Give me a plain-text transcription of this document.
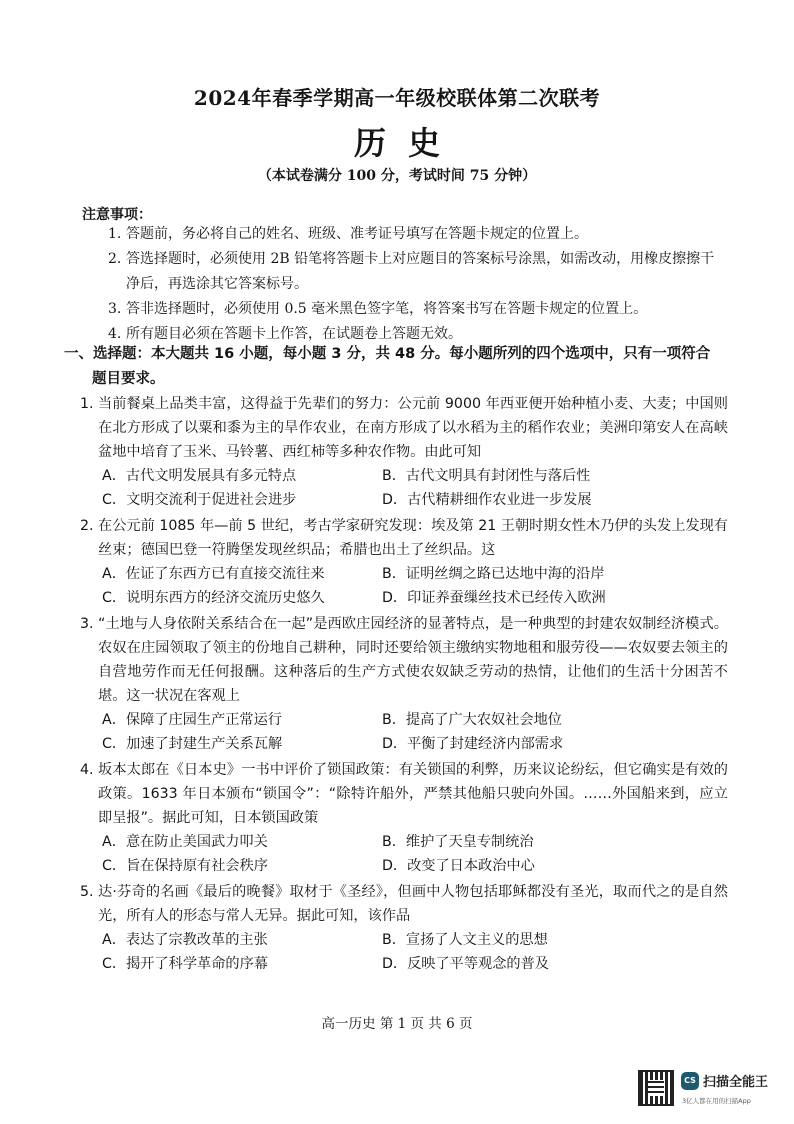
2024年春季学期高一年级校联体第二次联考
历史
（本试卷满分 100 分，考试时间 75 分钟）
注意事项：
1. 答题前，务必将自己的姓名、班级、准考证号填写在答题卡规定的位置上。
2. 答选择题时，必须使用 2B 铅笔将答题卡上对应题目的答案标号涂黑，如需改动，用橡皮擦擦干净后，再选涂其它答案标号。
3. 答非选择题时，必须使用 0.5 毫米黑色签字笔，将答案书写在答题卡规定的位置上。
4. 所有题目必须在答题卡上作答，在试题卷上答题无效。
一、选择题：本大题共 16 小题，每小题 3 分，共 48 分。每小题所列的四个选项中，只有一项符合
题目要求。
1. 当前餐桌上品类丰富，这得益于先辈们的努力：公元前 9000 年西亚便开始种植小麦、大麦；中国则在北方形成了以粟和黍为主的旱作农业，在南方形成了以水稻为主的稻作农业；美洲印第安人在高峡盆地中培育了玉米、马铃薯、西红柿等多种农作物。由此可知
A．古代文明发展具有多元特点	B．古代文明具有封闭性与落后性
C．文明交流利于促进社会进步	D．古代精耕细作农业进一步发展
2. 在公元前 1085 年—前 5 世纪，考古学家研究发现：埃及第 21 王朝时期女性木乃伊的头发上发现有丝束；德国巴登一符腾堡发现丝织品；希腊也出土了丝织品。这
A．佐证了东西方已有直接交流往来	B．证明丝绸之路已达地中海的沿岸
C．说明东西方的经济交流历史悠久	D．印证养蚕缫丝技术已经传入欧洲
3. “土地与人身依附关系结合在一起”是西欧庄园经济的显著特点，是一种典型的封建农奴制经济模式。农奴在庄园领取了领主的份地自己耕种，同时还要给领主缴纳实物地租和服劳役——农奴要去领主的自营地劳作而无任何报酬。这种落后的生产方式使农奴缺乏劳动的热情，让他们的生活十分困苦不堪。这一状况在客观上
A．保障了庄园生产正常运行	B．提高了广大农奴社会地位
C．加速了封建生产关系瓦解	D．平衡了封建经济内部需求
4. 坂本太郎在《日本史》一书中评价了锁国政策：有关锁国的利弊，历来议论纷纭，但它确实是有效的政策。1633 年日本颁布“锁国令”：“除特许船外，严禁其他船只驶向外国。……外国船来到，应立即呈报”。据此可知，日本锁国政策
A．意在防止美国武力叩关	B．维护了天皇专制统治
C．旨在保持原有社会秩序	D．改变了日本政治中心
5. 达·芬奇的名画《最后的晚餐》取材于《圣经》，但画中人物包括耶稣都没有圣光，取而代之的是自然光，所有人的形态与常人无异。据此可知，该作品
A．表达了宗教改革的主张	B．宣扬了人文主义的思想
C．揭开了科学革命的序幕	D．反映了平等观念的普及
高一历史 第 1 页 共 6 页
CS 扫描全能王
3亿人都在用的扫描App
